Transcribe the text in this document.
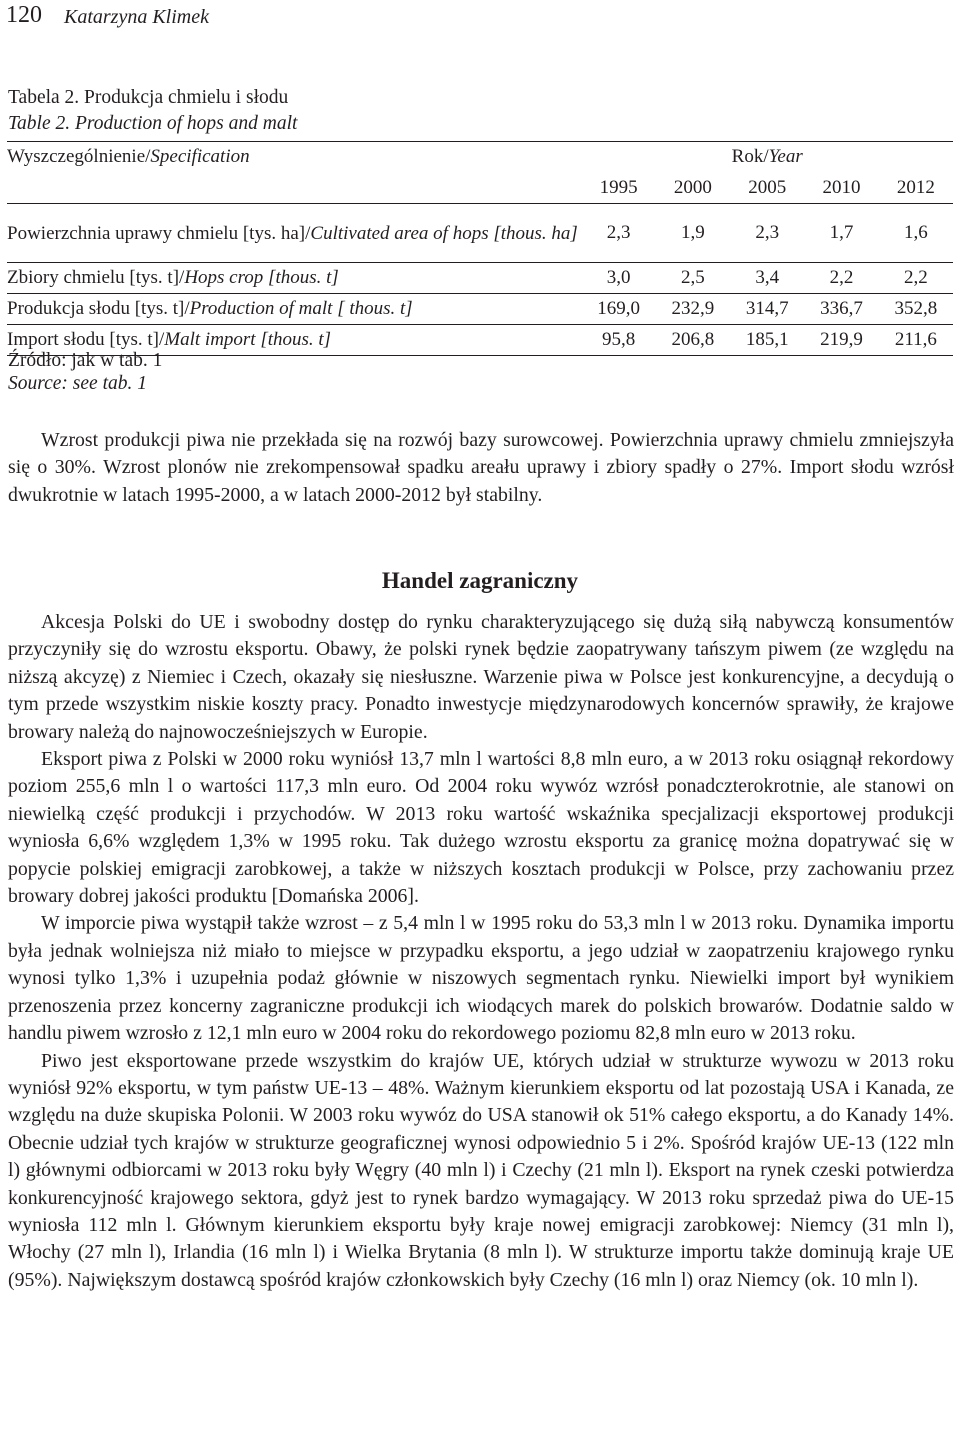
120 Katarzyna Klimek
Tabela 2. Produkcja chmielu i słodu
Table 2. Production of hops and malt
Wyszczególnienie/Specification	Rok/Year				
	1995	2000	2005	2010	2012
Powierzchnia uprawy chmielu [tys. ha]/Cultivated area of hops [thous. ha]	2,3	1,9	2,3	1,7	1,6
Zbiory chmielu [tys. t]/Hops crop [thous. t]	3,0	2,5	3,4	2,2	2,2
Produkcja słodu [tys. t]/Production of malt [ thous. t]	169,0	232,9	314,7	336,7	352,8
Import słodu [tys. t]/Malt import [thous. t]	95,8	206,8	185,1	219,9	211,6
Źródło: jak w tab. 1
Source: see tab. 1

Wzrost produkcji piwa nie przekłada się na rozwój bazy surowcowej. Powierzchnia uprawy chmielu zmniejszyła się o 30%. Wzrost plonów nie zrekompensował spadku areału uprawy i zbiory spadły o 27%. Import słodu wzrósł dwukrotnie w latach 1995-2000, a w latach 2000-2012 był stabilny.

Handel zagraniczny

Akcesja Polski do UE i swobodny dostęp do rynku charakteryzującego się dużą siłą nabywczą konsumentów przyczyniły się do wzrostu eksportu. Obawy, że polski rynek będzie zaopatrywany tańszym piwem (ze względu na niższą akcyzę) z Niemiec i Czech, okazały się niesłuszne. Warzenie piwa w Polsce jest konkurencyjne, a decydują o tym przede wszystkim niskie koszty pracy. Ponadto inwestycje międzynarodowych koncernów sprawiły, że krajowe browary należą do najnowocześniejszych w Europie.

Eksport piwa z Polski w 2000 roku wyniósł 13,7 mln l wartości 8,8 mln euro, a w 2013 roku osiągnął rekordowy poziom 255,6 mln l o wartości 117,3 mln euro. Od 2004 roku wywóz wzrósł ponadczterokrotnie, ale stanowi on niewielką część produkcji i przychodów. W 2013 roku wartość wskaźnika specjalizacji eksportowej produkcji wyniosła 6,6% względem 1,3% w 1995 roku. Tak dużego wzrostu eksportu za granicę można dopatrywać się w popycie polskiej emigracji zarobkowej, a także w niższych kosztach produkcji w Polsce, przy zachowaniu przez browary dobrej jakości produktu [Domańska 2006].

W imporcie piwa wystąpił także wzrost – z 5,4 mln l w 1995 roku do 53,3 mln l w 2013 roku. Dynamika importu była jednak wolniejsza niż miało to miejsce w przypadku eksportu, a jego udział w zaopatrzeniu krajowego rynku wynosi tylko 1,3% i uzupełnia podaż głównie w niszowych segmentach rynku. Niewielki import był wynikiem przenoszenia przez koncerny zagraniczne produkcji ich wiodących marek do polskich browarów. Dodatnie saldo w handlu piwem wzrosło z 12,1 mln euro w 2004 roku do rekordowego poziomu 82,8 mln euro w 2013 roku.

Piwo jest eksportowane przede wszystkim do krajów UE, których udział w strukturze wywozu w 2013 roku wyniósł 92% eksportu, w tym państw UE-13 – 48%. Ważnym kierunkiem eksportu od lat pozostają USA i Kanada, ze względu na duże skupiska Polonii. W 2003 roku wywóz do USA stanowił ok 51% całego eksportu, a do Kanady 14%. Obecnie udział tych krajów w strukturze geograficznej wynosi odpowiednio 5 i 2%. Spośród krajów UE-13 (122 mln l) głównymi odbiorcami w 2013 roku były Węgry (40 mln l) i Czechy (21 mln l). Eksport na rynek czeski potwierdza konkurencyjność krajowego sektora, gdyż jest to rynek bardzo wymagający. W 2013 roku sprzedaż piwa do UE-15 wyniosła 112 mln l. Głównym kierunkiem eksportu były kraje nowej emigracji zarobkowej: Niemcy (31 mln l), Włochy (27 mln l), Irlandia (16 mln l) i Wielka Brytania (8 mln l). W strukturze importu także dominują kraje UE (95%). Największym dostawcą spośród krajów członkowskich były Czechy (16 mln l) oraz Niemcy (ok. 10 mln l).
